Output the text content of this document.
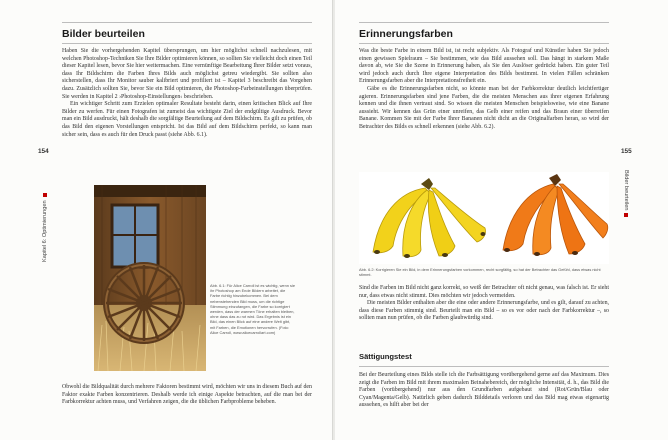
Bilder beurteilen

Haben Sie die vorhergehenden Kapitel übersprungen, um hier möglichst schnell nachzulesen, mit welchen Photoshop-Techniken Sie Ihre Bilder optimieren können, so sollten Sie vielleicht doch einen Teil dieser Kapitel lesen, bevor Sie hier weitermachen. Eine vernünftige Bearbeitung Ihrer Bilder setzt voraus, dass Ihr Bildschirm die Farben Ihres Bilds auch möglichst getreu wiedergibt. Sie sollten also sicherstellen, dass Ihr Monitor sauber kalibriert und profiliert ist – Kapitel 3 beschreibt das Vorgehen dazu. Zusätzlich sollten Sie, bevor Sie ein Bild optimieren, die Photoshop-Farbeinstellungen überprüfen. Sie werden in Kapitel 2 ›Photoshop-Einstellungen‹ beschrieben.

Ein wichtiger Schritt zum Erzielen optimaler Resultate besteht darin, einen kritischen Blick auf Ihre Bilder zu werfen. Für einen Fotografen ist zumeist das wichtigste Ziel der endgültige Ausdruck. Bevor man ein Bild ausdruckt, hält deshalb die sorgfältige Beurteilung auf dem Bildschirm. Es gilt zu prüfen, ob das Bild den eigenen Vorstellungen entspricht. Ist das Bild auf dem Bildschirm perfekt, so kann man sicher sein, dass es auch für den Druck passt (siehe Abb. 6.1).

154
Kapitel 6: Optimierungen
Abb. 6.1: Für Alice Carroll ist es wichtig, wenn sie ihr Photoshop am Ende Bildern arbeitet, die Farbe richtig hinzubekommen. Bei dem nebenstehenden Bild muss, um die richtige Stimmung einzufangen, die Farbe so korrigiert werden, dass der warmen Töne erhalten bleiben, ohne dass das zu rot wird. Das Ergebnis ist ein Bild, das einen Blick auf eine andere Welt gibt, mit Farben, die Emotionen hervorrufen. (Foto: Alice Carroll, www.alicecarrollart.com)

Obwohl die Bildqualität durch mehrere Faktoren bestimmt wird, möchten wir uns in diesem Buch auf den Faktor exakte Farben konzentrieren. Deshalb werde ich einige Aspekte betrachten, auf die man bei der Farbkorrektur achten muss, und Verfahren zeigen, die die üblichen Farbprobleme beheben.

Erinnerungsfarben

Was die beste Farbe in einem Bild ist, ist recht subjektiv. Als Fotograf und Künstler haben Sie jedoch einen gewissen Spielraum – Sie bestimmen, wie das Bild aussehen soll. Das hängt in starkem Maße davon ab, wie Sie die Szene in Erinnerung haben, als Sie den Auslöser gedrückt haben. Ein guter Teil wird jedoch auch durch Ihre eigene Interpretation des Bilds bestimmt. In vielen Fällen schränken Erinnerungsfarben aber die Interpretationsfreiheit ein.

Gäbe es die Erinnerungsfarben nicht, so könnte man bei der Farbkorrektur deutlich leichtfertiger agieren. Erinnerungsfarben sind jene Farben, die die meisten Menschen aus ihrer eigenen Erfahrung kennen und die ihnen vertraut sind. So wissen die meisten Menschen beispielsweise, wie eine Banane aussieht. Wir kennen das Grün einer unreifen, das Gelb einer reifen und das Braun einer überreifen Banane. Kommen Sie mit der Farbe Ihrer Bananen nicht dicht an die Originalfarben heran, so wird der Betrachter des Bilds es schnell erkennen (siehe Abb. 6.2).

155
Bilder beurteilen
Abb. 6.2: Korrigieren Sie ein Bild, in dem Erinnerungsfarben vorkommen, recht sorgfältig, so hat der Betrachter das Gefühl, dass etwas nicht stimmt.

Sind die Farben im Bild nicht ganz korrekt, so weiß der Betrachter oft nicht genau, was falsch ist. Er sieht nur, dass etwas nicht stimmt. Dies möchten wir jedoch vermeiden.

Die meisten Bilder enthalten aber die eine oder andere Erinnerungsfarbe, und es gilt, darauf zu achten, dass diese Farben stimmig sind. Beurteilt man ein Bild – so es vor oder nach der Farbkorrektur –, so sollten man nun prüfen, ob die Farben glaubwürdig sind.

Sättigungstest

Bei der Beurteilung eines Bilds stelle ich die Farbsättigung vorübergehend gerne auf das Maximum. Dies zeigt die Farben im Bild mit ihrem maximalen Beinahebereich, der mögliche Intensität, d. h., das Bild die Farben (vorübergehend) nur aus den Grundfarben aufgebaut sind (Rot/Grün/Blau oder Cyan/Magenta/Gelb). Natürlich geben dadurch Bilddetails verloren und das Bild mag etwas eigenartig aussehen, es hilft aber bei der
